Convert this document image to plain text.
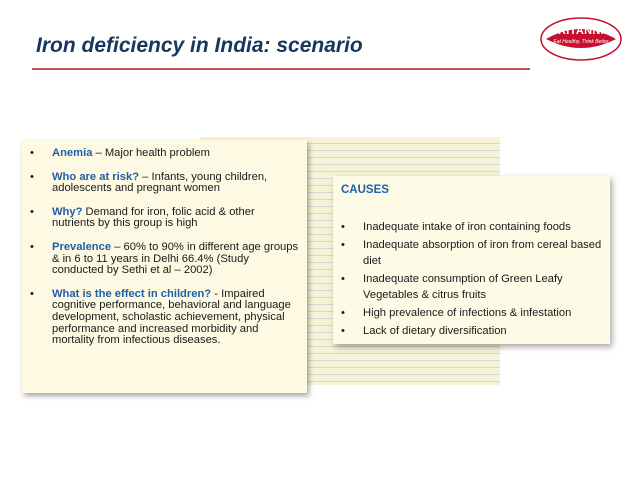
Iron deficiency in India: scenario
BRITANNIA
Eat Healthy, Think Better
• Anemia – Major health problem
• Who are at risk? – Infants, young children, adolescents and pregnant women
• Why? Demand for iron, folic acid & other nutrients by this group is high
• Prevalence – 60% to 90% in different age groups & in 6 to 11 years in Delhi 66.4% (Study conducted by Sethi et al – 2002)
• What is the effect in children? - Impaired cognitive performance, behavioral and language development, scholastic achievement, physical performance and increased morbidity and mortality from infectious diseases.
CAUSES
• Inadequate intake of iron containing foods
• Inadequate absorption of iron from cereal based diet
• Inadequate consumption of Green Leafy Vegetables & citrus fruits
• High prevalence of infections & infestation
• Lack of dietary diversification
